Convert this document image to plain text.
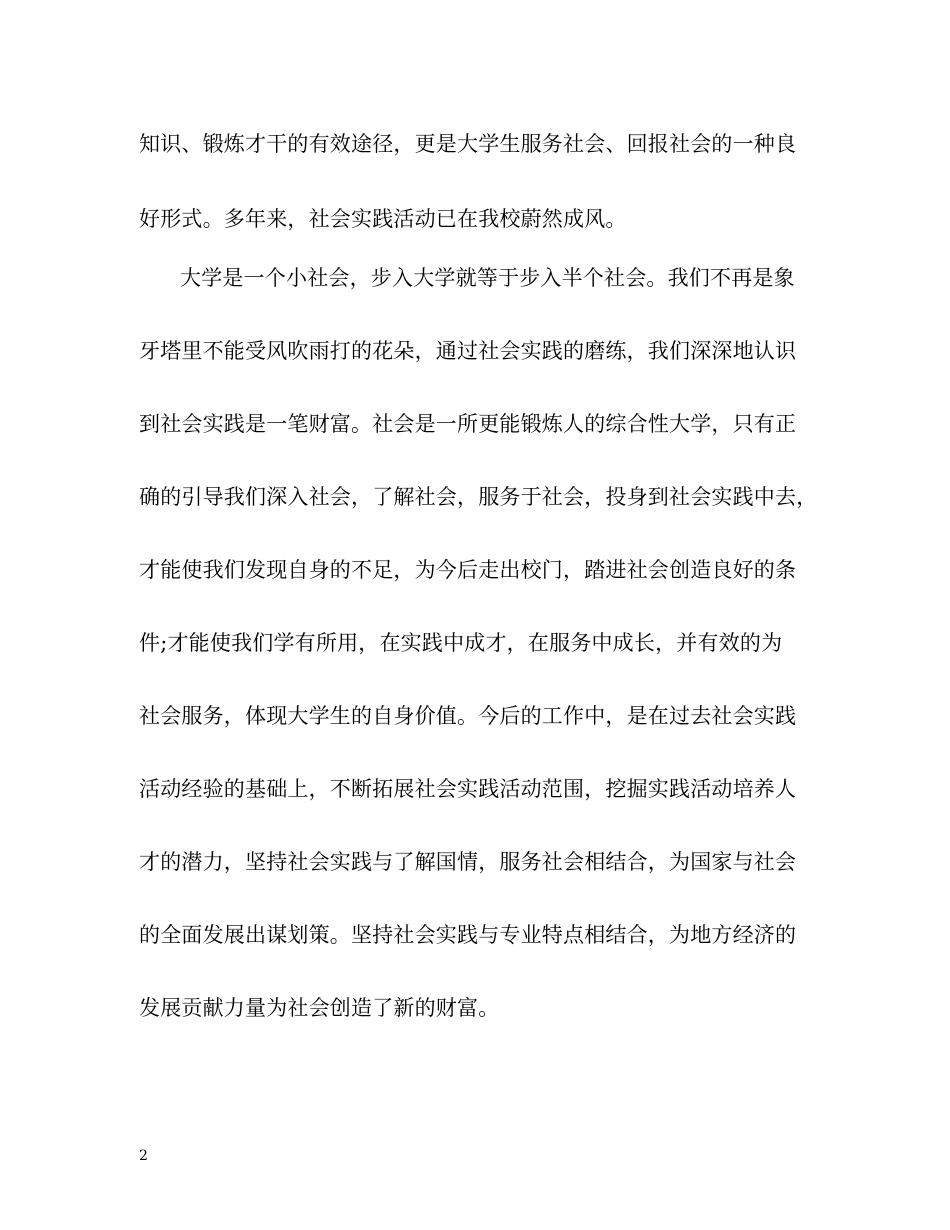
知识、锻炼才干的有效途径，更是大学生服务社会、回报社会的一种良
好形式。多年来，社会实践活动已在我校蔚然成风。
大学是一个小社会，步入大学就等于步入半个社会。我们不再是象
牙塔里不能受风吹雨打的花朵，通过社会实践的磨练，我们深深地认识
到社会实践是一笔财富。社会是一所更能锻炼人的综合性大学，只有正
确的引导我们深入社会，了解社会，服务于社会，投身到社会实践中去，
才能使我们发现自身的不足，为今后走出校门，踏进社会创造良好的条
件;才能使我们学有所用，在实践中成才，在服务中成长，并有效的为
社会服务，体现大学生的自身价值。今后的工作中，是在过去社会实践
活动经验的基础上，不断拓展社会实践活动范围，挖掘实践活动培养人
才的潜力，坚持社会实践与了解国情，服务社会相结合，为国家与社会
的全面发展出谋划策。坚持社会实践与专业特点相结合，为地方经济的
发展贡献力量为社会创造了新的财富。
2
